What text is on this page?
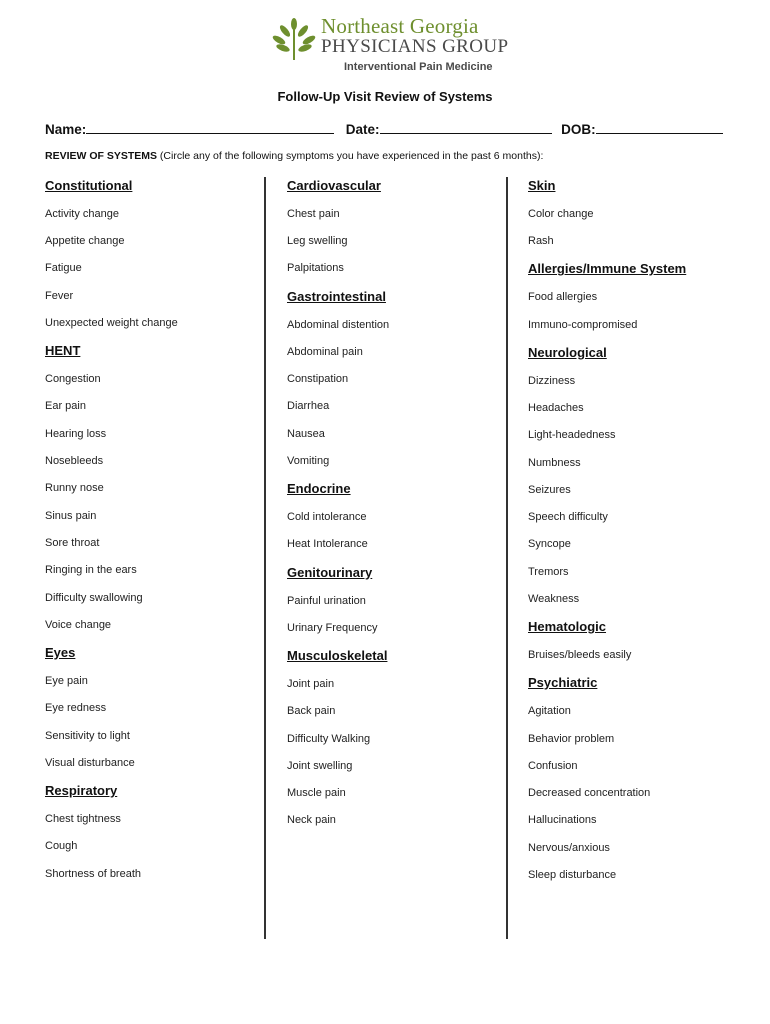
Northeast Georgia
PHYSICIANS GROUP
Interventional Pain Medicine
Follow-Up Visit Review of Systems
Name:	Date:	DOB:
REVIEW OF SYSTEMS (Circle any of the following symptoms you have experienced in the past 6 months):
Constitutional
Activity change
Appetite change
Fatigue
Fever
Unexpected weight change
HENT
Congestion
Ear pain
Hearing loss
Nosebleeds
Runny nose
Sinus pain
Sore throat
Ringing in the ears
Difficulty swallowing
Voice change
Eyes
Eye pain
Eye redness
Sensitivity to light
Visual disturbance
Respiratory
Chest tightness
Cough
Shortness of breath
Cardiovascular
Chest pain
Leg swelling
Palpitations
Gastrointestinal
Abdominal distention
Abdominal pain
Constipation
Diarrhea
Nausea
Vomiting
Endocrine
Cold intolerance
Heat Intolerance
Genitourinary
Painful urination
Urinary Frequency
Musculoskeletal
Joint pain
Back pain
Difficulty Walking
Joint swelling
Muscle pain
Neck pain
Skin
Color change
Rash
Allergies/Immune System
Food allergies
Immuno-compromised
Neurological
Dizziness
Headaches
Light-headedness
Numbness
Seizures
Speech difficulty
Syncope
Tremors
Weakness
Hematologic
Bruises/bleeds easily
Psychiatric
Agitation
Behavior problem
Confusion
Decreased concentration
Hallucinations
Nervous/anxious
Sleep disturbance
